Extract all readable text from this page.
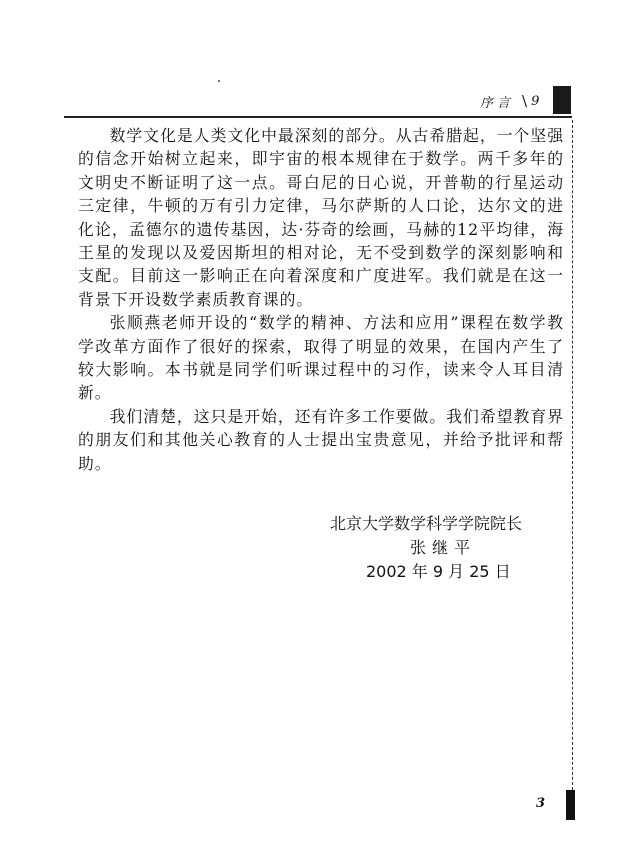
序言 \ 9

数学文化是人类文化中最深刻的部分。从古希腊起，一个坚强的信念开始树立起来，即宇宙的根本规律在于数学。两千多年的文明史不断证明了这一点。哥白尼的日心说，开普勒的行星运动三定律，牛顿的万有引力定律，马尔萨斯的人口论，达尔文的进化论，孟德尔的遗传基因，达·芬奇的绘画，马赫的12平均律，海王星的发现以及爱因斯坦的相对论，无不受到数学的深刻影响和支配。目前这一影响正在向着深度和广度进军。我们就是在这一背景下开设数学素质教育课的。

张顺燕老师开设的“数学的精神、方法和应用”课程在数学教学改革方面作了很好的探索，取得了明显的效果，在国内产生了较大影响。本书就是同学们听课过程中的习作，读来令人耳目清新。

我们清楚，这只是开始，还有许多工作要做。我们希望教育界的朋友们和其他关心教育的人士提出宝贵意见，并给予批评和帮助。

北京大学数学科学学院院长
张继平
2002 年 9 月 25 日
3
